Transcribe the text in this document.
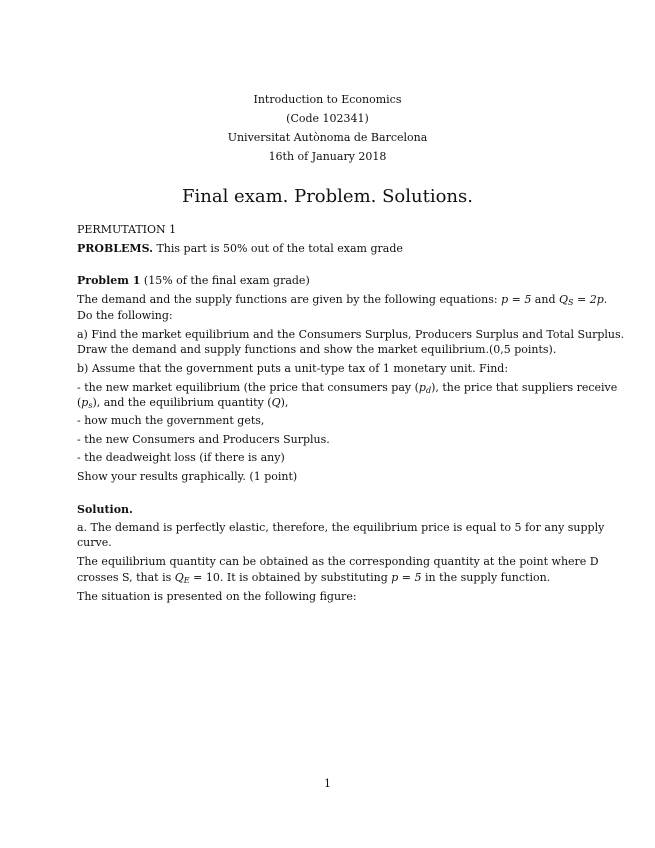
Introduction to Economics
(Code 102341)
Universitat Autònoma de Barcelona
16th of January 2018
Final exam. Problem. Solutions.
PERMUTATION 1
PROBLEMS. This part is 50% out of the total exam grade
Problem 1 (15% of the final exam grade)
The demand and the supply functions are given by the following equations: p = 5 and $Q_S = 2p$.
Do the following:
a) Find the market equilibrium and the Consumers Surplus, Producers Surplus and Total Surplus.
Draw the demand and supply functions and show the market equilibrium.(0,5 points).
b) Assume that the government puts a unit-type tax of 1 monetary unit. Find:
- the new market equilibrium (the price that consumers pay $(p_d)$, the price that suppliers receive
$(p_s)$, and the equilibrium quantity (Q),
- how much the government gets,
- the new Consumers and Producers Surplus.
- the deadweight loss (if there is any)
Show your results graphically. (1 point)
Solution.
a. The demand is perfectly elastic, therefore, the equilibrium price is equal to 5 for any supply
curve.
The equilibrium quantity can be obtained as the corresponding quantity at the point where D
crosses S, that is $Q_E = 10$. It is obtained by substituting p = 5 in the supply function.
The situation is presented on the following figure:
1
